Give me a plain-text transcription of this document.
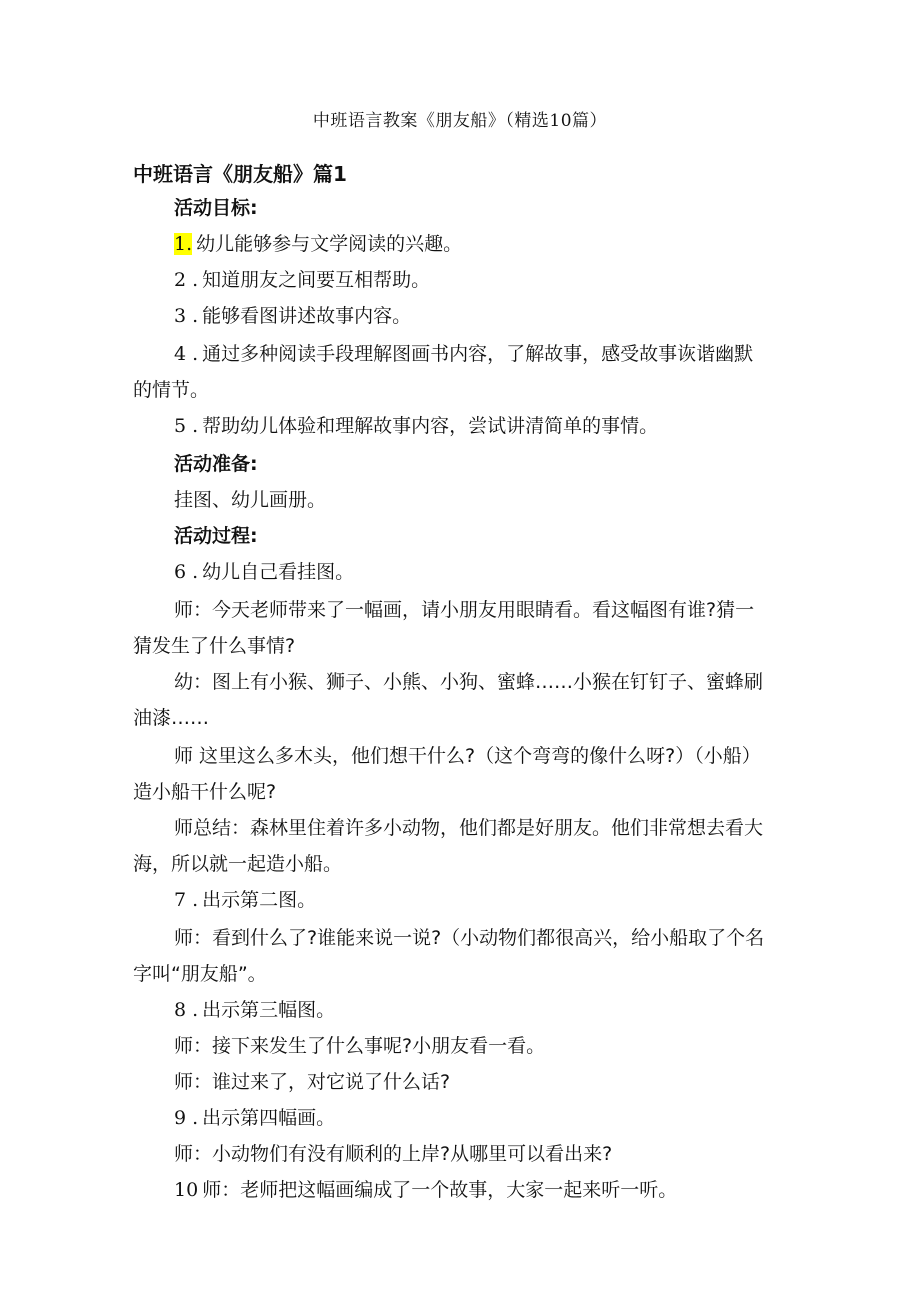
中班语言教案《朋友船》（精选10篇）
中班语言《朋友船》篇1
活动目标:
1. 幼儿能够参与文学阅读的兴趣。
2 . 知道朋友之间要互相帮助。
3 . 能够看图讲述故事内容。
4 . 通过多种阅读手段理解图画书内容，了解故事，感受故事诙谐幽默
的情节。
5 . 帮助幼儿体验和理解故事内容，尝试讲清简单的事情。
活动准备:
挂图、幼儿画册。
活动过程:
6 . 幼儿自己看挂图。
师：今天老师带来了一幅画，请小朋友用眼睛看。看这幅图有谁?猜一
猜发生了什么事情?
幼：图上有小猴、狮子、小熊、小狗、蜜蜂……小猴在钉钉子、蜜蜂刷
油漆……
师 这里这么多木头，他们想干什么?（这个弯弯的像什么呀?）（小船）
造小船干什么呢?
师总结：森林里住着许多小动物，他们都是好朋友。他们非常想去看大
海，所以就一起造小船。
7 . 出示第二图。
师：看到什么了?谁能来说一说?（小动物们都很高兴，给小船取了个名
字叫“朋友船”。
8 . 出示第三幅图。
师：接下来发生了什么事呢?小朋友看一看。
师：谁过来了，对它说了什么话?
9 . 出示第四幅画。
师：小动物们有没有顺利的上岸?从哪里可以看出来?
10 师：老师把这幅画编成了一个故事，大家一起来听一听。
